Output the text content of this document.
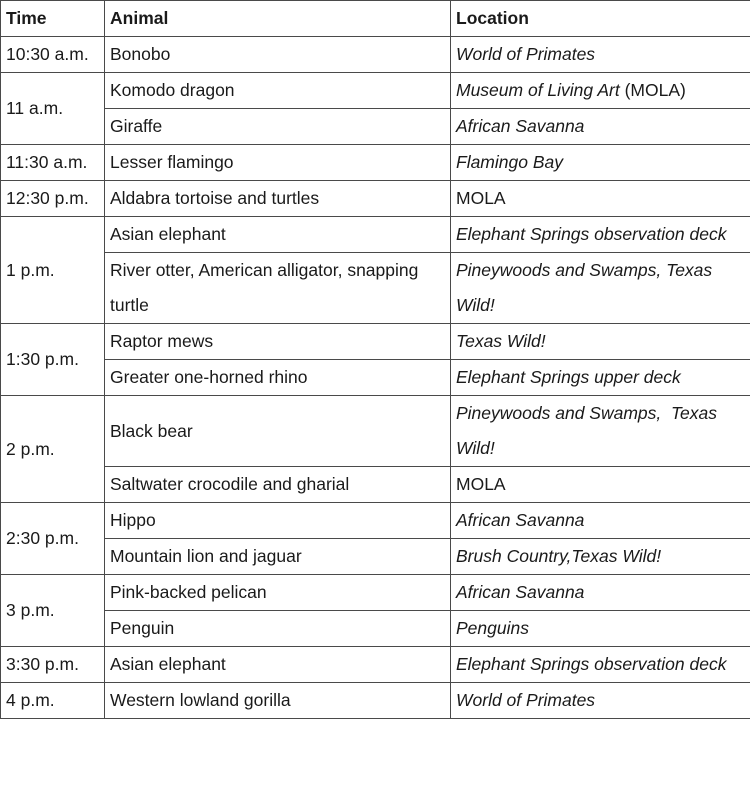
Time	Animal	Location
10:30 a.m.	Bonobo	World of Primates
11 a.m.	Komodo dragon	Museum of Living Art (MOLA)
	Giraffe	African Savanna
11:30 a.m.	Lesser flamingo	Flamingo Bay
12:30 p.m.	Aldabra tortoise and turtles	MOLA
1 p.m.	Asian elephant	Elephant Springs observation deck
	River otter, American alligator, snapping turtle	Pineywoods and Swamps, Texas Wild!
1:30 p.m.	Raptor mews	Texas Wild!
	Greater one-horned rhino	Elephant Springs upper deck
2 p.m.	Black bear	Pineywoods and Swamps,  Texas Wild!
	Saltwater crocodile and gharial	MOLA
2:30 p.m.	Hippo	African Savanna
	Mountain lion and jaguar	Brush Country,Texas Wild!
3 p.m.	Pink-backed pelican	African Savanna
	Penguin	Penguins
3:30 p.m.	Asian elephant	Elephant Springs observation deck
4 p.m.	Western lowland gorilla	World of Primates
